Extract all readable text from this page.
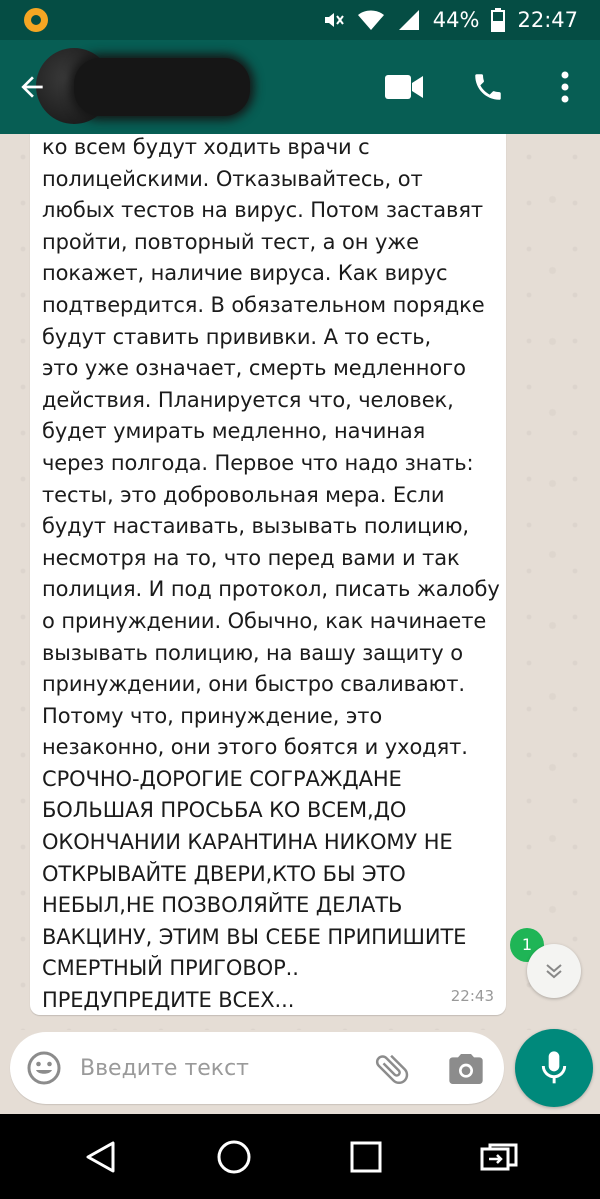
44% 22:47
ко всем будут ходить врачи с
полицейскими. Отказывайтесь, от
любых тестов на вирус. Потом заставят
пройти, повторный тест, а он уже
покажет, наличие вируса. Как вирус
подтвердится. В обязательном порядке
будут ставить прививки. А то есть,
это уже означает, смерть медленного
действия. Планируется что, человек,
будет умирать медленно, начиная
через полгода. Первое что надо знать:
тесты, это добровольная мера. Если
будут настаивать, вызывать полицию,
несмотря на то, что перед вами и так
полиция. И под протокол, писать жалобу
о принуждении. Обычно, как начинаете
вызывать полицию, на вашу защиту о
принуждении, они быстро сваливают.
Потому что, принуждение, это
незаконно, они этого боятся и уходят.
СРОЧНО-ДОРОГИЕ СОГРАЖДАНЕ
БОЛЬШАЯ ПРОСЬБА КО ВСЕМ,ДО
ОКОНЧАНИИ КАРАНТИНА НИКОМУ НЕ
ОТКРЫВАЙТЕ ДВЕРИ,КТО БЫ ЭТО
НЕБЫЛ,НЕ ПОЗВОЛЯЙТЕ ДЕЛАТЬ
ВАКЦИНУ, ЭТИМ ВЫ СЕБЕ ПРИПИШИТЕ
СМЕРТНЫЙ ПРИГОВОР..
ПРЕДУПРЕДИТЕ ВСЕХ...	22:43
1
Введите текст
